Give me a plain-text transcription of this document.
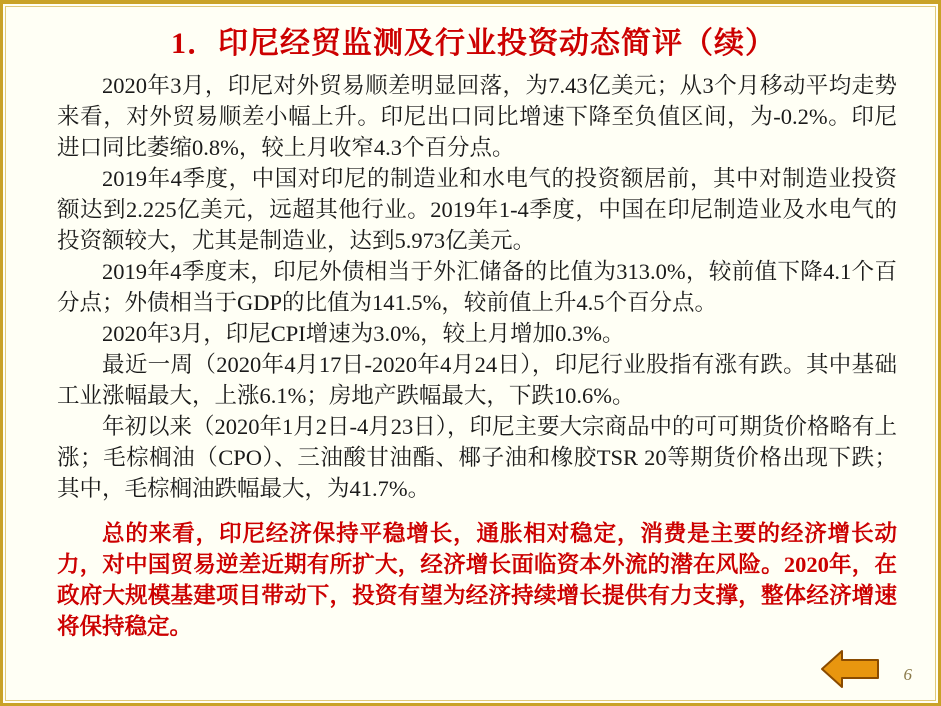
1．印尼经贸监测及行业投资动态简评（续）

2020年3月，印尼对外贸易顺差明显回落，为7.43亿美元；从3个月移动平均走势来看，对外贸易顺差小幅上升。印尼出口同比增速下降至负值区间，为-0.2%。印尼进口同比萎缩0.8%，较上月收窄4.3个百分点。

2019年4季度，中国对印尼的制造业和水电气的投资额居前，其中对制造业投资额达到2.225亿美元，远超其他行业。2019年1-4季度，中国在印尼制造业及水电气的投资额较大，尤其是制造业，达到5.973亿美元。

2019年4季度末，印尼外债相当于外汇储备的比值为313.0%，较前值下降4.1个百分点；外债相当于GDP的比值为141.5%，较前值上升4.5个百分点。

2020年3月，印尼CPI增速为3.0%，较上月增加0.3%。

最近一周（2020年4月17日-2020年4月24日），印尼行业股指有涨有跌。其中基础工业涨幅最大，上涨6.1%；房地产跌幅最大，下跌10.6%。

年初以来（2020年1月2日-4月23日），印尼主要大宗商品中的可可期货价格略有上涨；毛棕榈油（CPO）、三油酸甘油酯、椰子油和橡胶TSR 20等期货价格出现下跌；其中，毛棕榈油跌幅最大，为41.7%。

总的来看，印尼经济保持平稳增长，通胀相对稳定，消费是主要的经济增长动力，对中国贸易逆差近期有所扩大，经济增长面临资本外流的潜在风险。2020年，在政府大规模基建项目带动下，投资有望为经济持续增长提供有力支撑，整体经济增速将保持稳定。

6
